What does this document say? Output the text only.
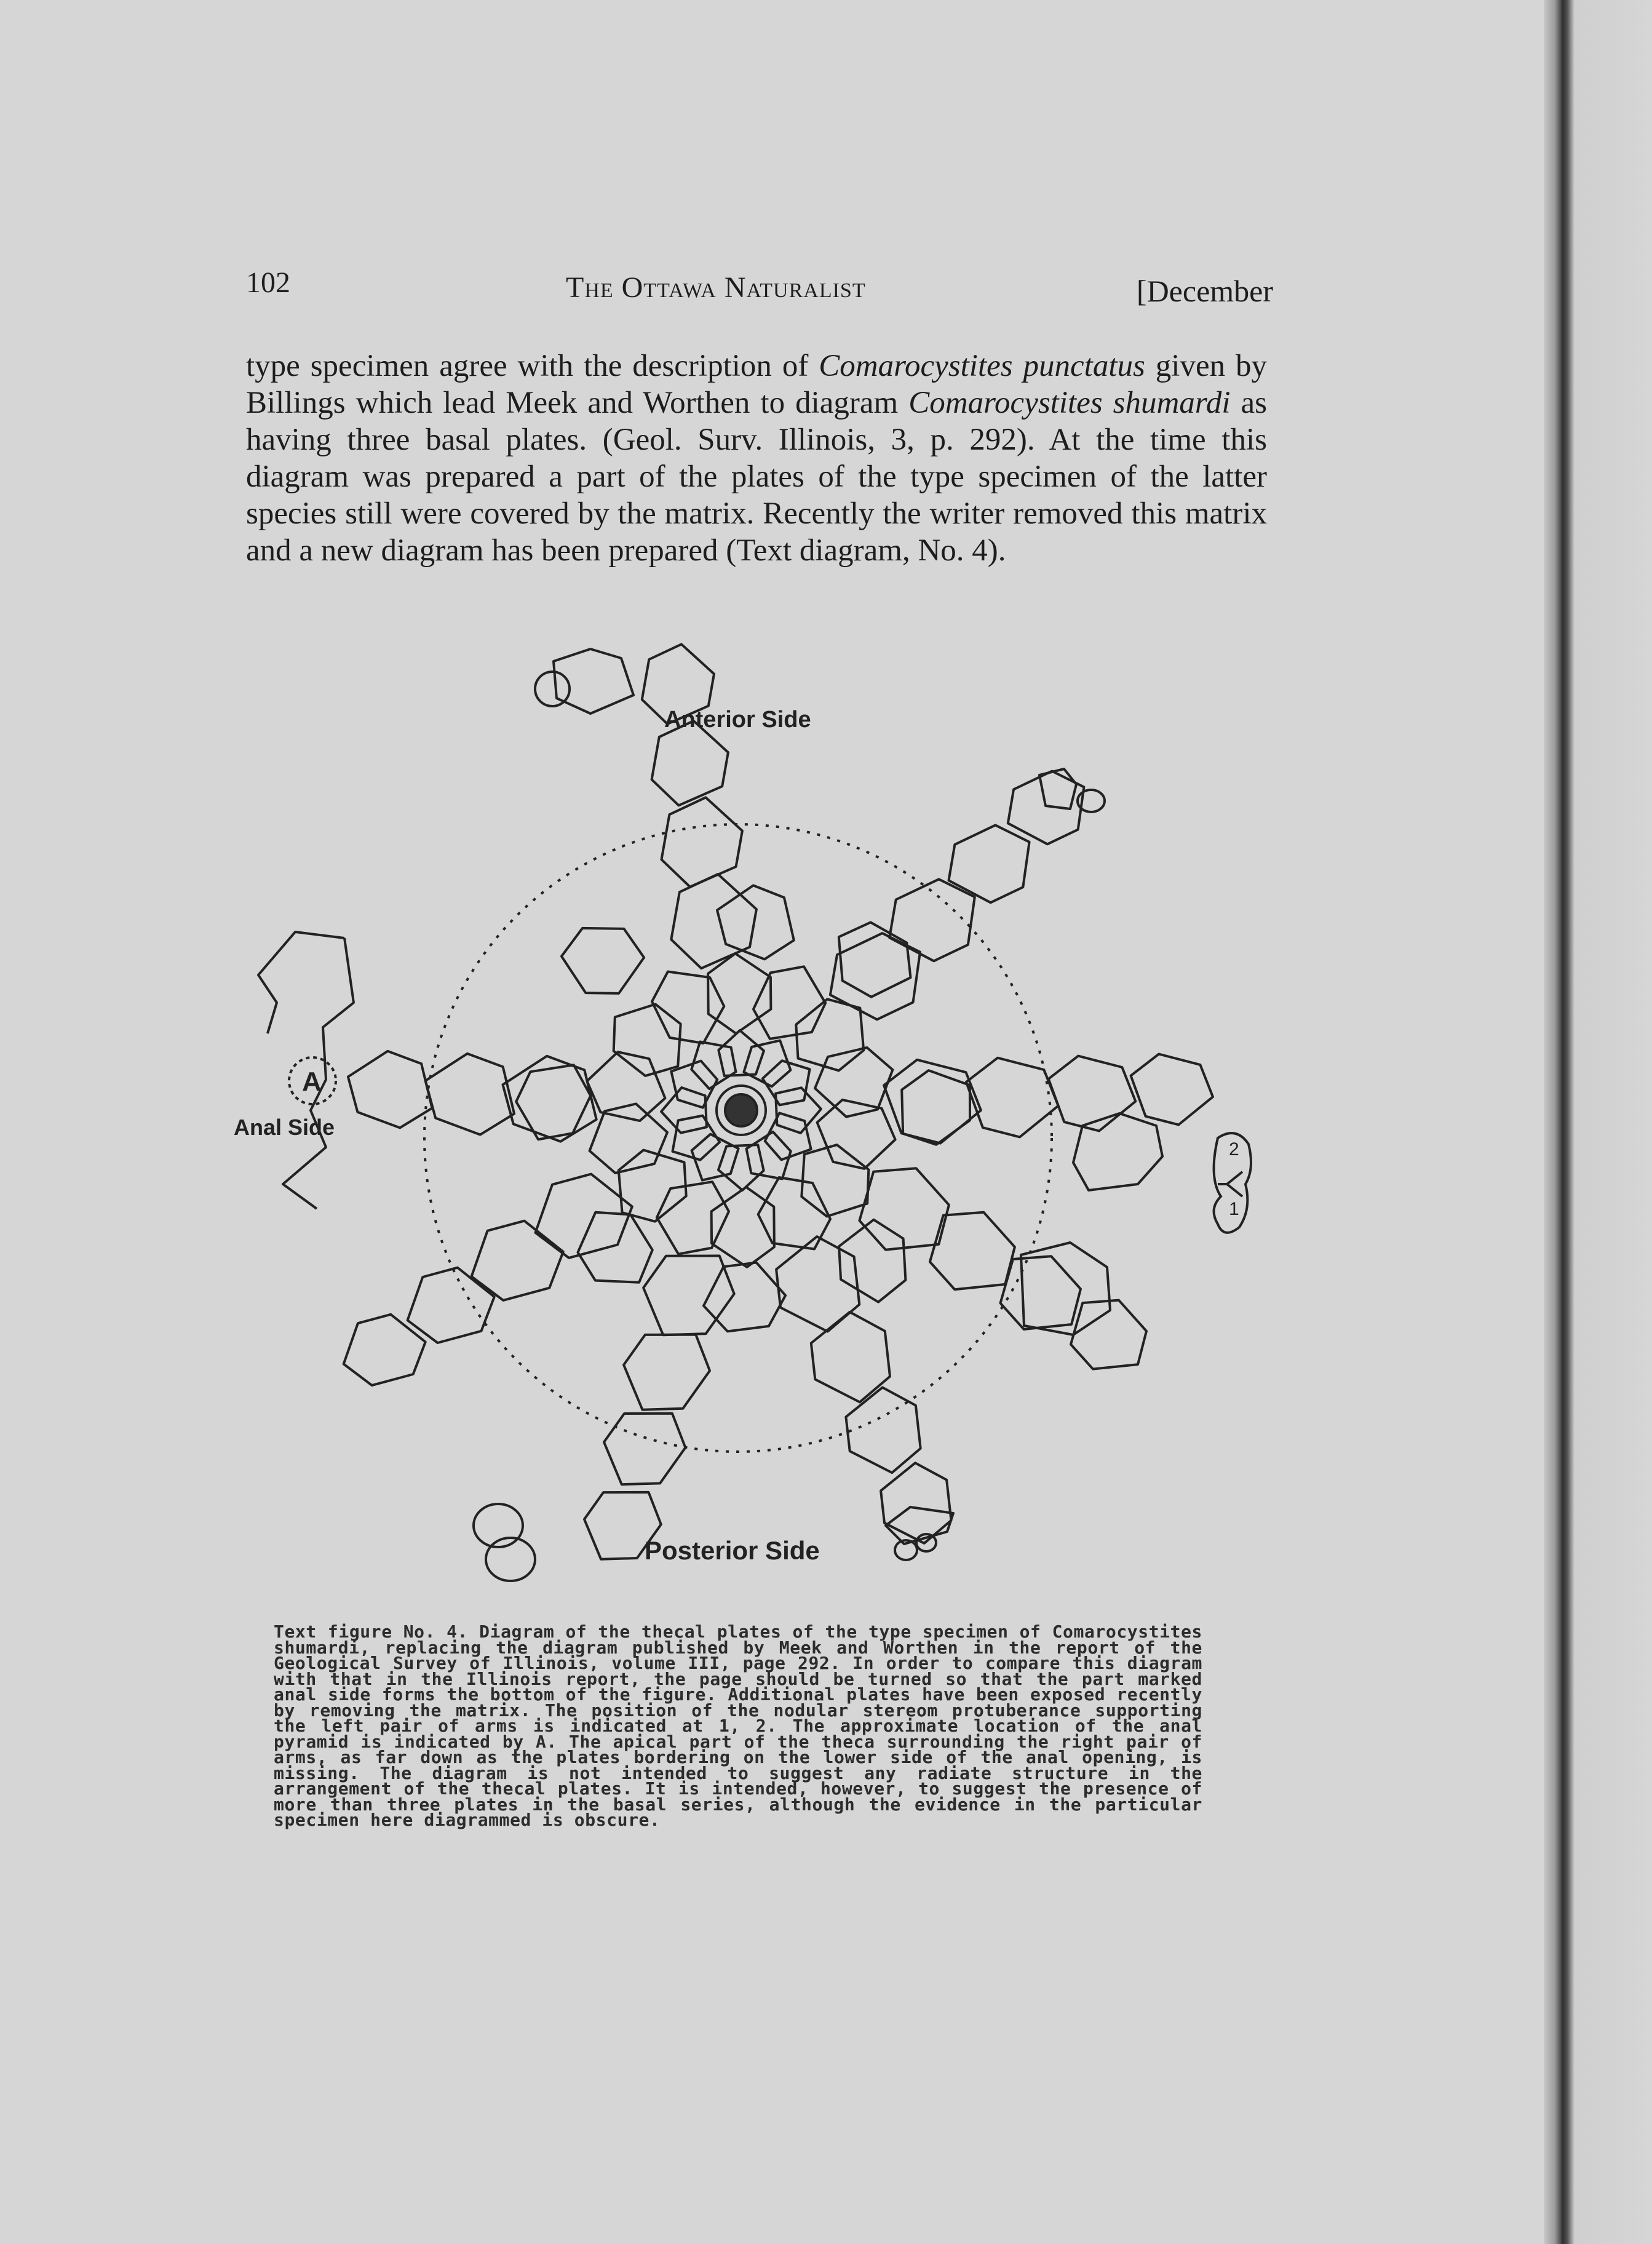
102	The Ottawa Naturalist	[December

type specimen agree with the description of Comarocystites punctatus given by Billings which lead Meek and Worthen to diagram Comarocystites shumardi as having three basal plates. (Geol. Surv. Illinois, 3, p. 292). At the time this diagram was prepared a part of the plates of the type specimen of the latter species still were covered by the matrix. Recently the writer removed this matrix and a new diagram has been prepared (Text diagram, No. 4).

2
1
A
Anterior Side
Anal Side
Posterior Side

Text figure No. 4. Diagram of the thecal plates of the type specimen of Comarocystites shumardi, replacing the diagram published by Meek and Worthen in the report of the Geological Survey of Illinois, volume III, page 292. In order to compare this diagram with that in the Illinois report, the page should be turned so that the part marked anal side forms the bottom of the figure. Additional plates have been exposed recently by removing the matrix. The position of the nodular stereom protuberance supporting the left pair of arms is indicated at 1, 2. The approximate location of the anal pyramid is indicated by A. The apical part of the theca surrounding the right pair of arms, as far down as the plates bordering on the lower side of the anal opening, is missing. The diagram is not intended to suggest any radiate structure in the arrangement of the thecal plates. It is intended, however, to suggest the presence of more than three plates in the basal series, although the evidence in the particular specimen here diagrammed is obscure.
